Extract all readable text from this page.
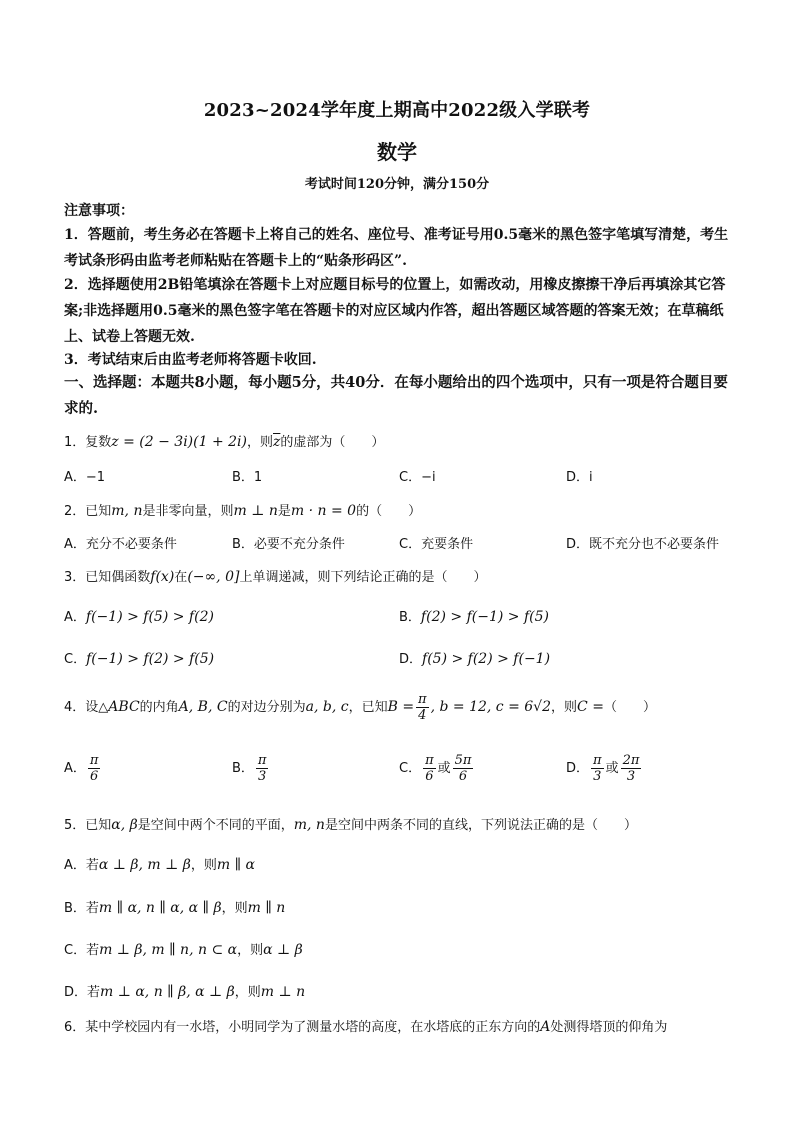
2023~2024学年度上期高中2022级入学联考
数学
考试时间120分钟，满分150分
注意事项：
1．答题前，考生务必在答题卡上将自己的姓名、座位号、准考证号用0.5毫米的黑色签字笔填写清楚，考生考试条形码由监考老师粘贴在答题卡上的“贴条形码区”.
2．选择题使用2B铅笔填涂在答题卡上对应题目标号的位置上，如需改动，用橡皮擦擦干净后再填涂其它答案;非选择题用0.5毫米的黑色签字笔在答题卡的对应区域内作答，超出答题区域答题的答案无效；在草稿纸上、试卷上答题无效.
3．考试结束后由监考老师将答题卡收回.
一、选择题：本题共8小题，每小题5分，共40分．在每小题给出的四个选项中，只有一项是符合题目要求的.
1．复数z = (2 − 3i)(1 + 2i)，则$\overline{z}$的虚部为（　　）
A．−1	B．1	C．−i	D．i
2．已知m, n是非零向量，则m ⊥ n是m · n = 0的（　　）
A．充分不必要条件	B．必要不充分条件	C．充要条件	D．既不充分也不必要条件
3．已知偶函数f(x)在(−∞, 0]上单调递减，则下列结论正确的是（　　）
A．f(−1) > f(5) > f(2)	B．f(2) > f(−1) > f(5)
C．f(−1) > f(2) > f(5)	D．f(5) > f(2) > f(−1)
4．设△ABC的内角A, B, C的对边分别为a, b, c，已知$B = \frac{\pi}{4}$ , b = 12, c = 6√2，则C =（　　）
A． $\frac{\pi}{6}$	B． $\frac{\pi}{3}$	C． $\frac{\pi}{6}$ 或 $\frac{5\pi}{6}$	D． $\frac{\pi}{3}$ 或 $\frac{2\pi}{3}$
5．已知α, β是空间中两个不同的平面，m, n是空间中两条不同的直线，下列说法正确的是（　　）
A．若α ⊥ β, m ⊥ β，则m ∥ α
B．若m ∥ α, n ∥ α, α ∥ β，则m ∥ n
C．若m ⊥ β, m ∥ n, n ⊂ α，则α ⊥ β
D．若m ⊥ α, n ∥ β, α ⊥ β，则m ⊥ n
6．某中学校园内有一水塔，小明同学为了测量水塔的高度，在水塔底的正东方向的A处测得塔顶的仰角为
